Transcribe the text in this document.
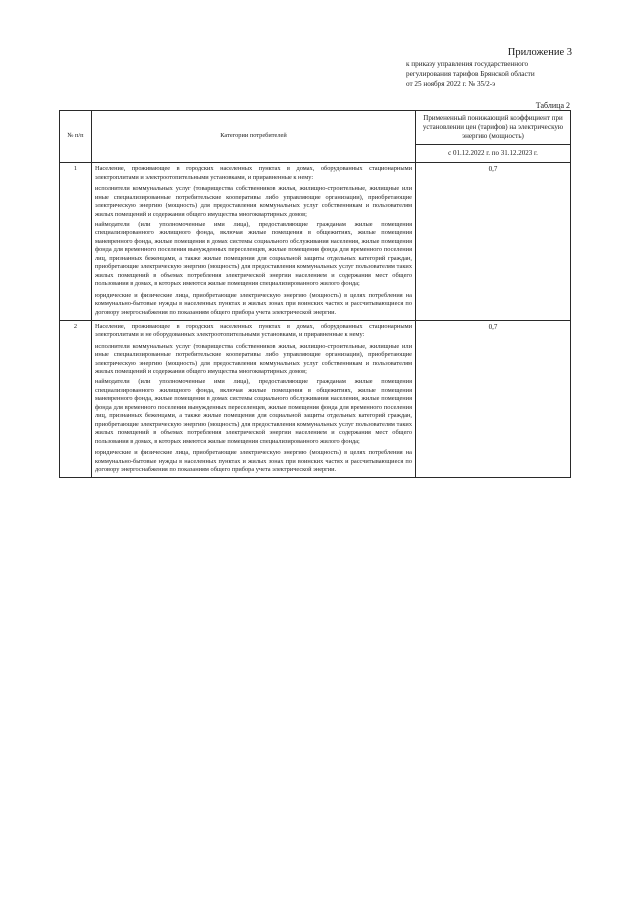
Приложение 3
к приказу управления государственного
регулирования тарифов Брянской области
от 25 ноября 2022 г. № 35/2-э
Таблица 2
№ п/п	Категории потребителей	Примененный понижающий коэффициент при установлении цен (тарифов) на электрическую энергию (мощность)
		с 01.12.2022 г. по 31.12.2023 г.
1	Население, проживающее в городских населенных пунктах в домах, оборудованных стационарными электроплитами и электроотопительными установками, и приравненные к нему:

исполнители коммунальных услуг (товарищества собственников жилья, жилищно-строительные, жилищные или иные специализированные потребительские кооперативы либо управляющие организации), приобретающие электрическую энергию (мощность) для предоставления коммунальных услуг собственникам и пользователям жилых помещений и содержания общего имущества многоквартирных домов;

наймодатели (или уполномоченные ими лица), предоставляющие гражданам жилые помещения специализированного жилищного фонда, включая жилые помещения в общежитиях, жилые помещения маневренного фонда, жилые помещения в домах системы социального обслуживания населения, жилые помещения фонда для временного поселения вынужденных переселенцев, жилые помещения фонда для временного поселения лиц, признанных беженцами, а также жилые помещения для социальной защиты отдельных категорий граждан, приобретающие электрическую энергию (мощность) для предоставления коммунальных услуг пользователям таких жилых помещений в объемах потребления электрической энергии населением и содержания мест общего пользования в домах, в которых имеются жилые помещения специализированного жилого фонда;

юридические и физические лица, приобретающие электрическую энергию (мощность) в целях потребления на коммунально-бытовые нужды в населенных пунктах и жилых зонах при воинских частях и рассчитывающиеся по договору энергоснабжения по показаниям общего прибора учета электрической энергии.	0,7
2	Население, проживающее в городских населенных пунктах в домах, оборудованных стационарными электроплитами и не оборудованных электроотопительными установками, и приравненные к нему:

исполнители коммунальных услуг (товарищества собственников жилья, жилищно-строительные, жилищные или иные специализированные потребительские кооперативы либо управляющие организации), приобретающие электрическую энергию (мощность) для предоставления коммунальных услуг собственникам и пользователям жилых помещений и содержания общего имущества многоквартирных домов;

наймодатели (или уполномоченные ими лица), предоставляющие гражданам жилые помещения специализированного жилищного фонда, включая жилые помещения в общежитиях, жилые помещения маневренного фонда, жилые помещения в домах системы социального обслуживания населения, жилые помещения фонда для временного поселения вынужденных переселенцев, жилые помещения фонда для временного поселения лиц, признанных беженцами, а также жилые помещения для социальной защиты отдельных категорий граждан, приобретающие электрическую энергию (мощность) для предоставления коммунальных услуг пользователям таких жилых помещений в объемах потребления электрической энергии населением и содержания мест общего пользования в домах, в которых имеются жилые помещения специализированного жилого фонда;

юридические и физические лица, приобретающие электрическую энергию (мощность) в целях потребления на коммунально-бытовые нужды в населенных пунктах и жилых зонах при воинских частях и рассчитывающиеся по договору энергоснабжения по показаниям общего прибора учета электрической энергии.	0,7
